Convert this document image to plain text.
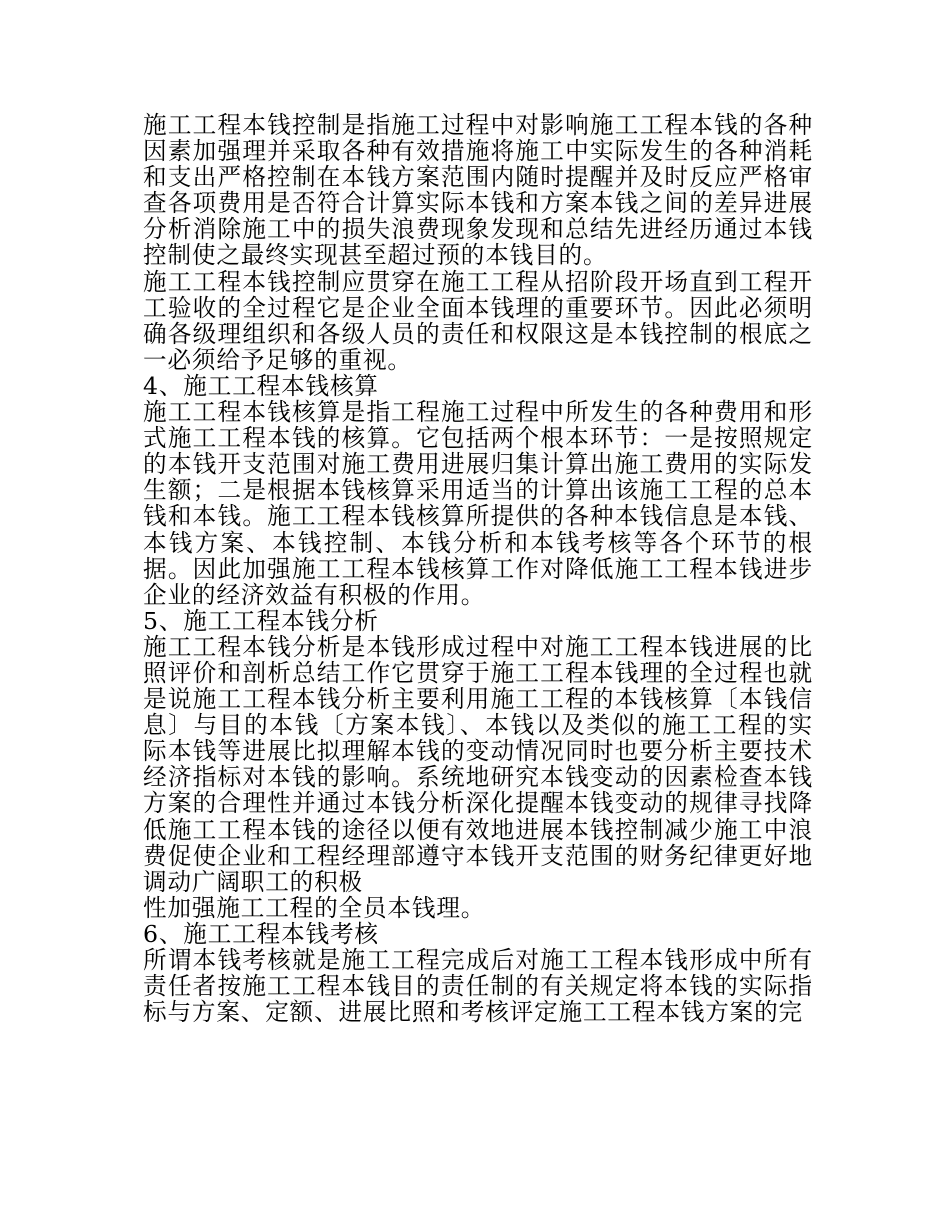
施工工程本钱控制是指施工过程中对影响施工工程本钱的各种因素加强理并采取各种有效措施将施工中实际发生的各种消耗和支出严格控制在本钱方案范围内随时提醒并及时反应严格审查各项费用是否符合计算实际本钱和方案本钱之间的差异进展分析消除施工中的损失浪费现象发现和总结先进经历通过本钱控制使之最终实现甚至超过预的本钱目的。

施工工程本钱控制应贯穿在施工工程从招阶段开场直到工程开工验收的全过程它是企业全面本钱理的重要环节。因此必须明确各级理组织和各级人员的责任和权限这是本钱控制的根底之一必须给予足够的重视。

4、施工工程本钱核算

施工工程本钱核算是指工程施工过程中所发生的各种费用和形式施工工程本钱的核算。它包括两个根本环节：一是按照规定的本钱开支范围对施工费用进展归集计算出施工费用的实际发生额；二是根据本钱核算采用适当的计算出该施工工程的总本钱和本钱。施工工程本钱核算所提供的各种本钱信息是本钱、本钱方案、本钱控制、本钱分析和本钱考核等各个环节的根据。因此加强施工工程本钱核算工作对降低施工工程本钱进步企业的经济效益有积极的作用。

5、施工工程本钱分析

施工工程本钱分析是本钱形成过程中对施工工程本钱进展的比照评价和剖析总结工作它贯穿于施工工程本钱理的全过程也就是说施工工程本钱分析主要利用施工工程的本钱核算〔本钱信息〕与目的本钱〔方案本钱〕、本钱以及类似的施工工程的实际本钱等进展比拟理解本钱的变动情况同时也要分析主要技术经济指标对本钱的影响。系统地研究本钱变动的因素检查本钱方案的合理性并通过本钱分析深化提醒本钱变动的规律寻找降低施工工程本钱的途径以便有效地进展本钱控制减少施工中浪费促使企业和工程经理部遵守本钱开支范围的财务纪律更好地调动广阔职工的积极

性加强施工工程的全员本钱理。

6、施工工程本钱考核

所谓本钱考核就是施工工程完成后对施工工程本钱形成中所有责任者按施工工程本钱目的责任制的有关规定将本钱的实际指标与方案、定额、进展比照和考核评定施工工程本钱方案的完
